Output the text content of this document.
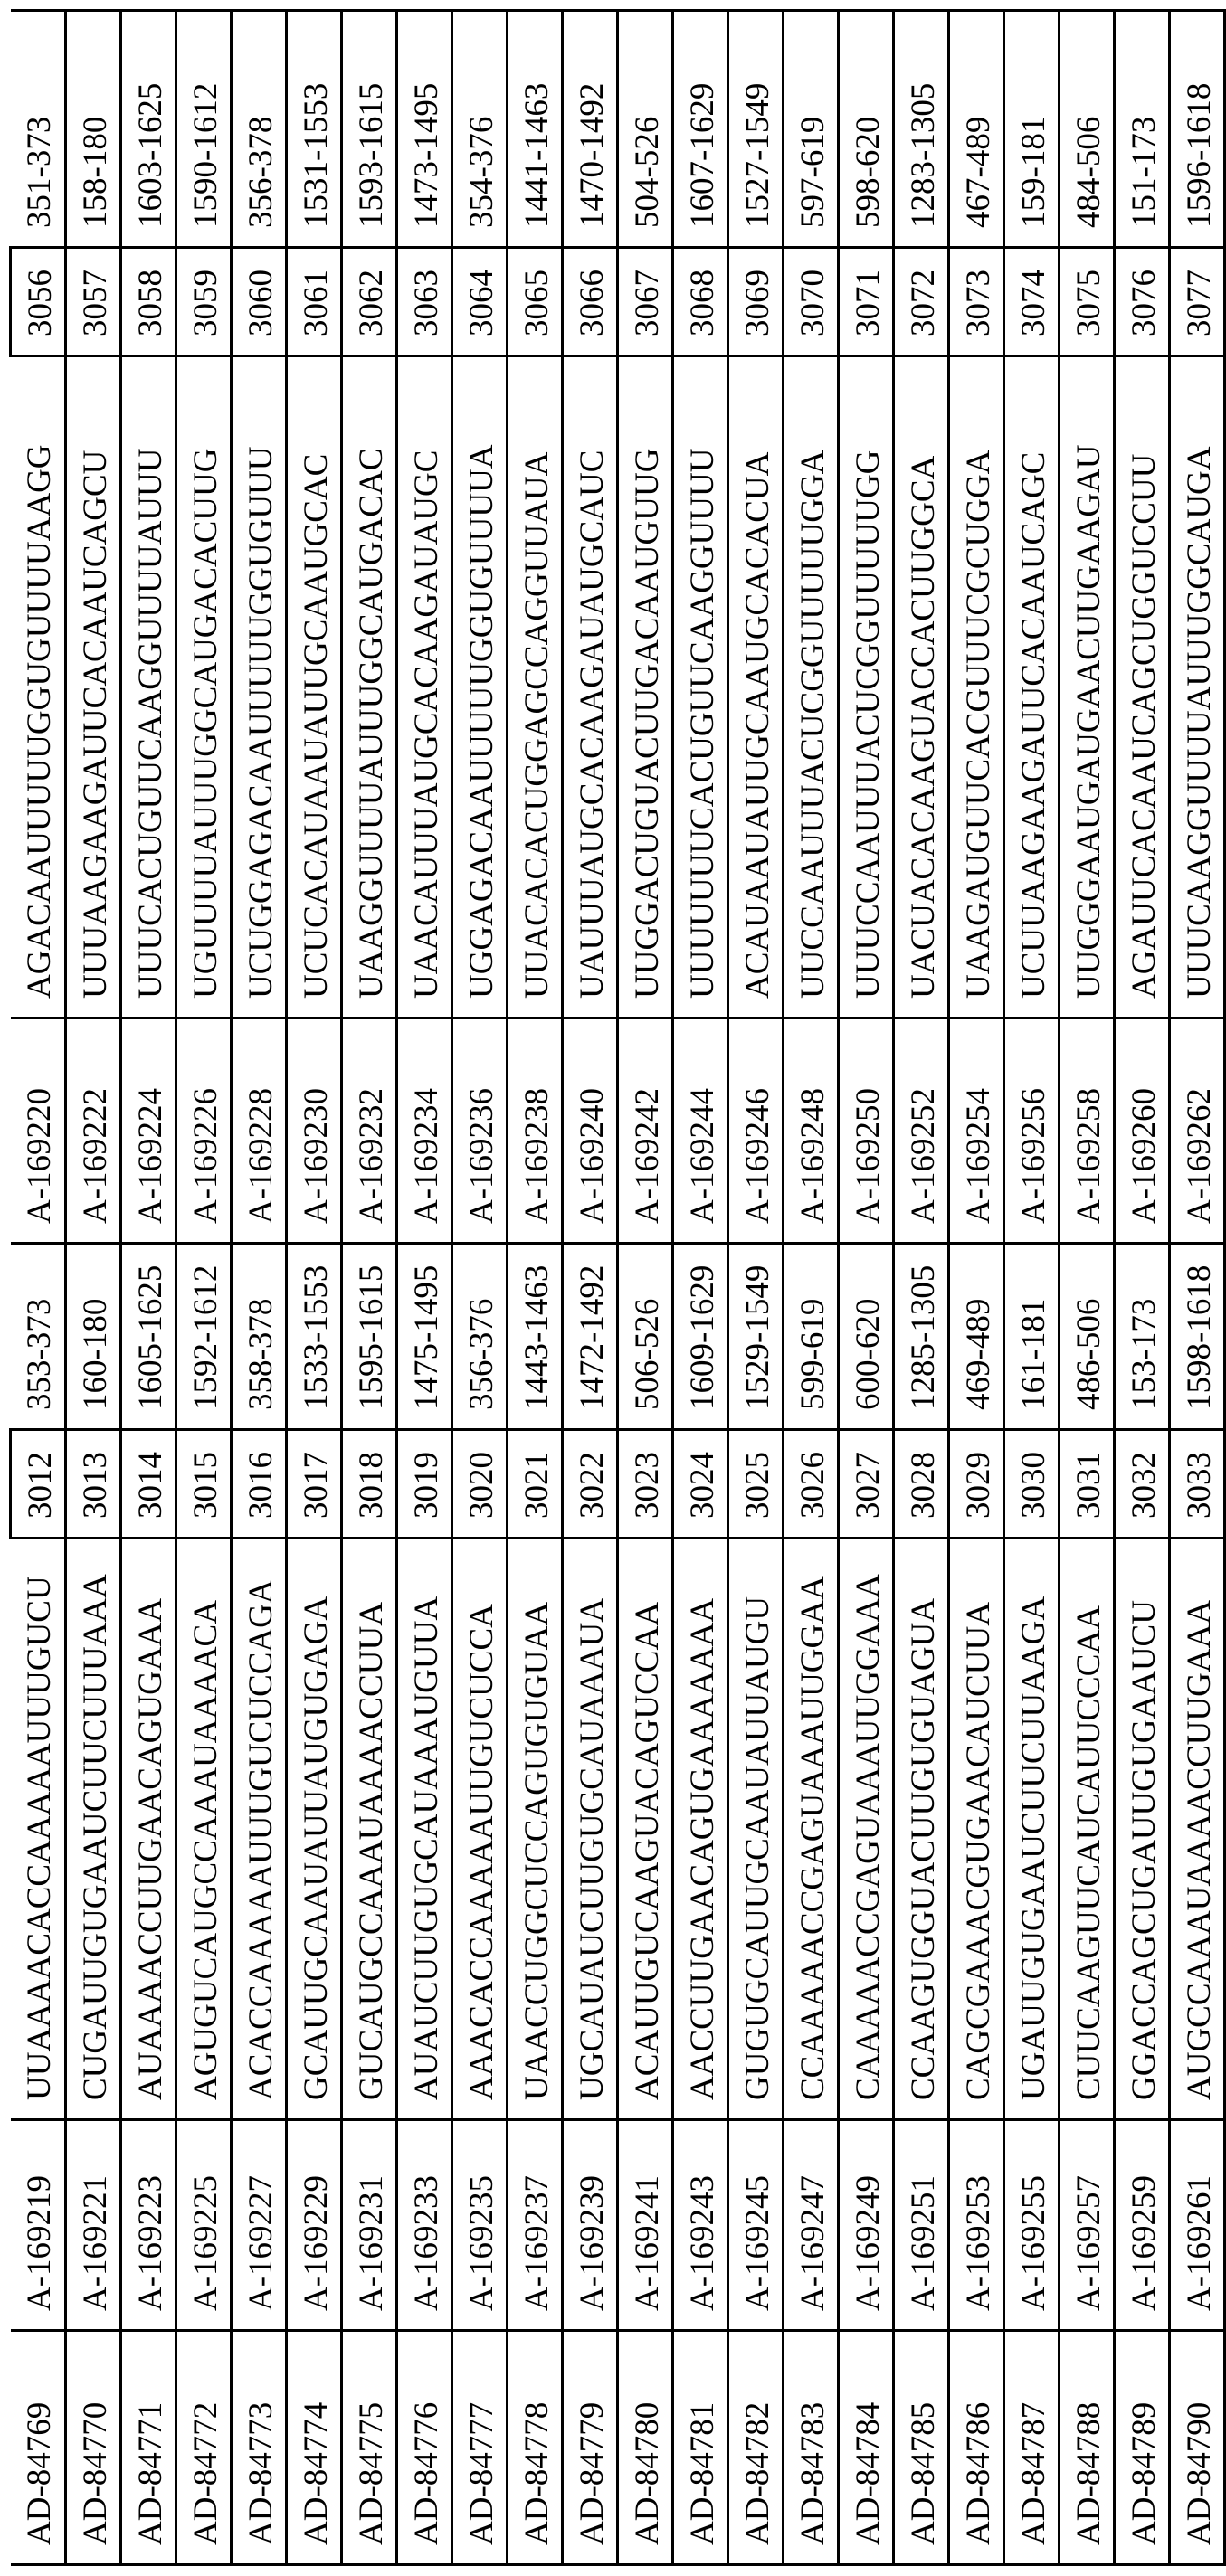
AD-84769	A-169219	UUAAAACACCAAAAAUUUGUCU	3012	353-373	A-169220	AGACAAUUUUUGGUGUUUUAAGG	3056	351-373
AD-84770	A-169221	CUGAUUGUGAAUCUUCUUUAAA	3013	160-180	A-169222	UUUAAGAAGAUUCACAAUCAGCU	3057	158-180
AD-84771	A-169223	AUAAAACCUUGAACAGUGAAA	3014	1605-1625	A-169224	UUUCACUGUUCAAGGUUUUAUUU	3058	1603-1625
AD-84772	A-169225	AGUGUCAUGCCAAAUAAAACA	3015	1592-1612	A-169226	UGUUUUAUUUGGCAUGACACUUG	3059	1590-1612
AD-84773	A-169227	ACACCAAAAAUUUGUCUCCAGA	3016	358-378	A-169228	UCUGGAGACAAUUUUUGGUGUUU	3060	356-378
AD-84774	A-169229	GCAUUGCAAUAUUAUGUGAGA	3017	1533-1553	A-169230	UCUCACAUAAUAUUGCAAUGCAC	3061	1531-1553
AD-84775	A-169231	GUCAUGCCAAAUAAAACCUUA	3018	1595-1615	A-169232	UAAGGUUUUAUUUGGCAUGACAC	3062	1593-1615
AD-84776	A-169233	AUAUCUUGUGCAUAAAUGUUA	3019	1475-1495	A-169234	UAACAUUUAUGCACAAGAUAUGC	3063	1473-1495
AD-84777	A-169235	AAACACCAAAAAUUGUCUCCA	3020	356-376	A-169236	UGGAGACAAUUUUUGGUGUUUUA	3064	354-376
AD-84778	A-169237	UAACCUGGCUCCAGUGUGUAA	3021	1443-1463	A-169238	UUACACACUGGAGCCAGGUUAUA	3065	1441-1463
AD-84779	A-169239	UGCAUAUCUUGUGCAUAAAUA	3022	1472-1492	A-169240	UAUUUAUGCACAAGAUAUGCAUC	3066	1470-1492
AD-84780	A-169241	ACAUUGUCAAGUACAGUCCAA	3023	506-526	A-169242	UUGGACUGUACUUGACAAUGUUG	3067	504-526
AD-84781	A-169243	AACCUUGAACAGUGAAAAAAA	3024	1609-1629	A-169244	UUUUUUUCACUGUUCAAGGUUUU	3068	1607-1629
AD-84782	A-169245	GUGUGCAUUGCAAUAUUAUGU	3025	1529-1549	A-169246	ACAUAAUAUUGCAAUGCACACUA	3069	1527-1549
AD-84783	A-169247	CCAAAAACCGAGUAAAUUGGAA	3026	599-619	A-169248	UUCCAAUUUACUCGGUUUUUGGA	3070	597-619
AD-84784	A-169249	CAAAAACCGAGUAAAUUGGAAA	3027	600-620	A-169250	UUUCCAAUUUACUCGGUUUUUGG	3071	598-620
AD-84785	A-169251	CCAAGUGGUACUUGUGUAGUA	3028	1285-1305	A-169252	UACUACACAAGUACCACUUGGCA	3072	1283-1305
AD-84786	A-169253	CAGCGAAACGUGAACAUCUUA	3029	469-489	A-169254	UAAGAUGUUCACGUUUCGCUGGA	3073	467-489
AD-84787	A-169255	UGAUUGUGAAUCUUCUUAAGA	3030	161-181	A-169256	UCUUAAGAAGAUUCACAAUCAGC	3074	159-181
AD-84788	A-169257	CUUCAAGUUCAUCAUUCCCAA	3031	486-506	A-169258	UUGGGAAUGAUGAACUUGAAGAU	3075	484-506
AD-84789	A-169259	GGACCAGCUGAUUGUGAAUCU	3032	153-173	A-169260	AGAUUCACAAUCAGCUGGUCCUU	3076	151-173
AD-84790	A-169261	AUGCCAAAUAAAACCUUGAAA	3033	1598-1618	A-169262	UUUCAAGGUUUUAUUUGGCAUGA	3077	1596-1618
